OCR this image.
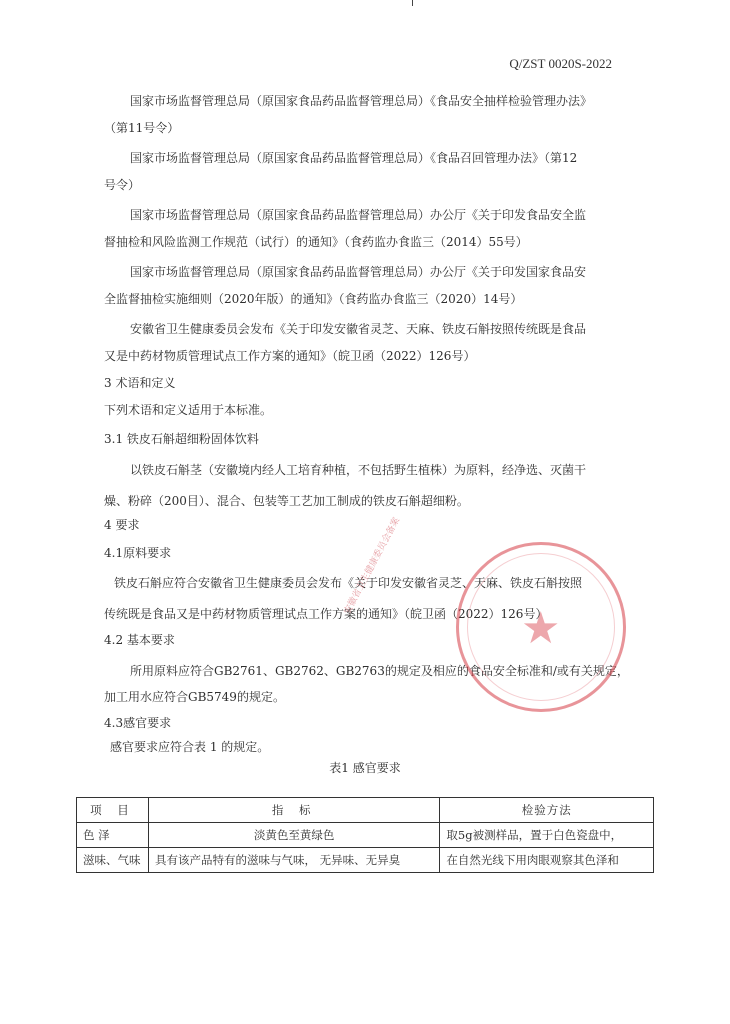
Q/ZST 0020S-2022
国家市场监督管理总局（原国家食品药品监督管理总局）《食品安全抽样检验管理办法》
（第11号令）
国家市场监督管理总局（原国家食品药品监督管理总局）《食品召回管理办法》（第12
号令）
国家市场监督管理总局（原国家食品药品监督管理总局）办公厅《关于印发食品安全监
督抽检和风险监测工作规范（试行）的通知》（食药监办食监三（2014）55号）
国家市场监督管理总局（原国家食品药品监督管理总局）办公厅《关于印发国家食品安
全监督抽检实施细则（2020年版）的通知》（食药监办食监三（2020）14号）
安徽省卫生健康委员会发布《关于印发安徽省灵芝、天麻、铁皮石斛按照传统既是食品
又是中药材物质管理试点工作方案的通知》（皖卫函（2022）126号）
3 术语和定义
下列术语和定义适用于本标准。
3.1 铁皮石斛超细粉固体饮料
以铁皮石斛茎（安徽境内经人工培育种植，不包括野生植株）为原料，经净选、灭菌干
燥、粉碎（200目）、混合、包装等工艺加工制成的铁皮石斛超细粉。
4 要求
4.1原料要求
铁皮石斛应符合安徽省卫生健康委员会发布《关于印发安徽省灵芝、天麻、铁皮石斛按照
传统既是食品又是中药材物质管理试点工作方案的通知》（皖卫函（2022）126号）
4.2 基本要求
所用原料应符合GB2761、GB2762、GB2763的规定及相应的食品安全标准和/或有关规定，
加工用水应符合GB5749的规定。
4.3感官要求
感官要求应符合表 1 的规定。
表1 感官要求
项 目	指 标	检验方法
色 泽	淡黄色至黄绿色	取5g被测样品，置于白色瓷盘中，
滋味、气味	具有该产品特有的滋味与气味， 无异味、无异臭	在自然光线下用肉眼观察其色泽和
★
安徽省卫生健康委员会备案
